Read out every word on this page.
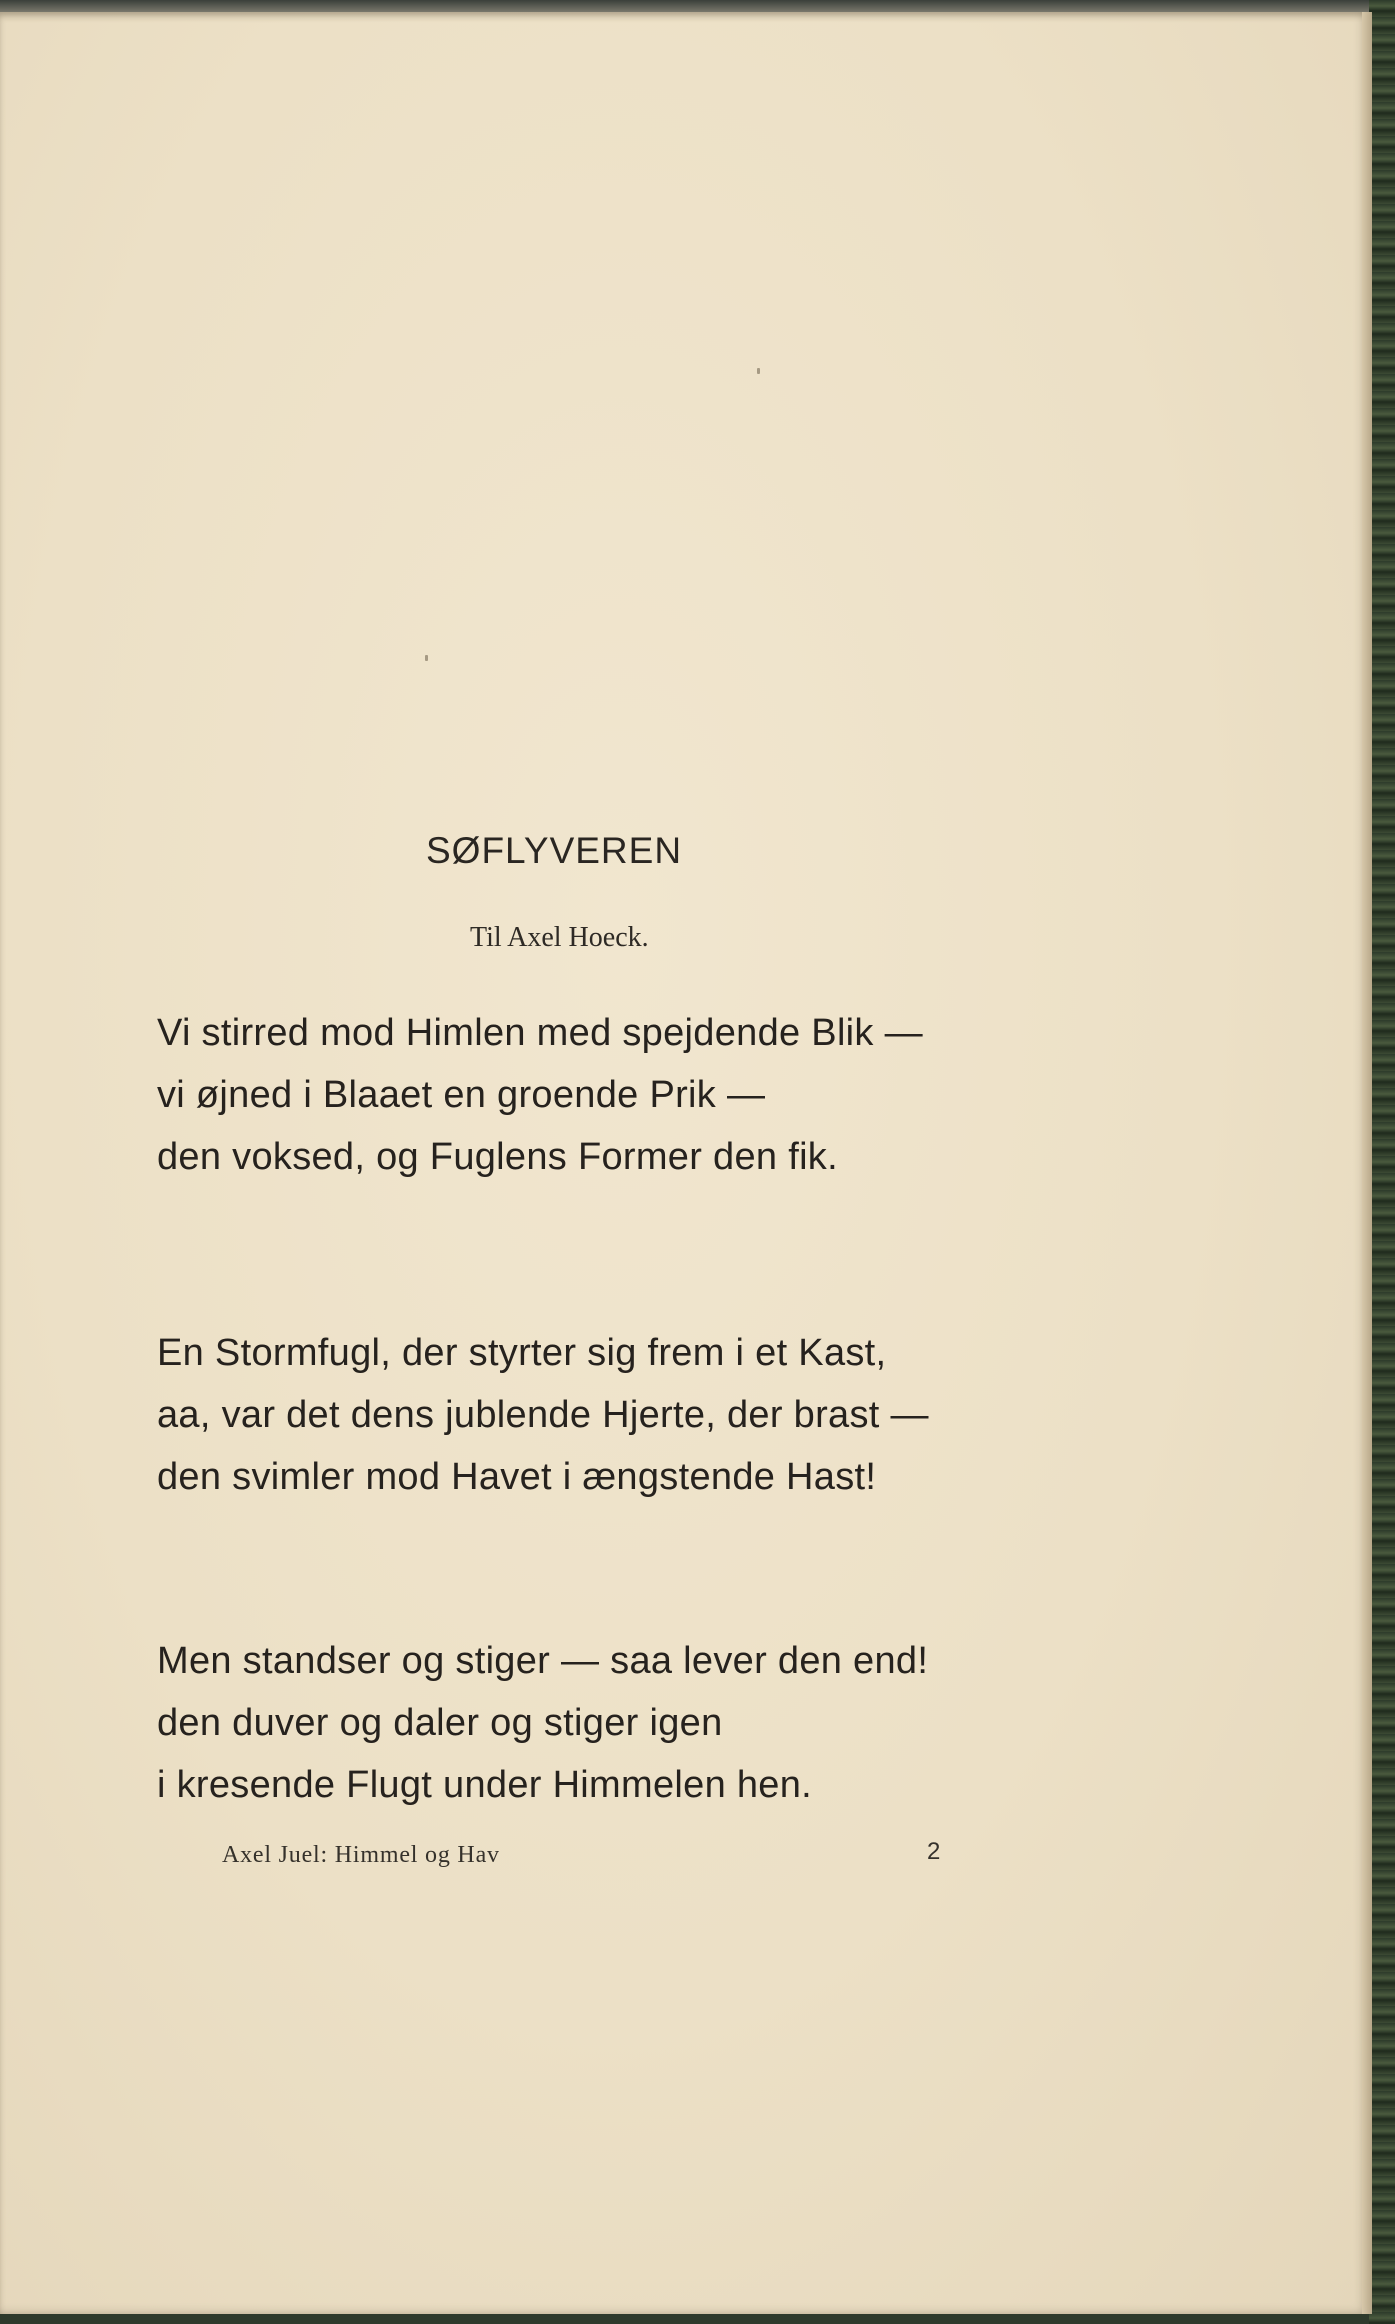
SØFLYVEREN
Til Axel Hoeck.
Vi stirred mod Himlen med spejdende Blik —
vi øjned i Blaaet en groende Prik —
den voksed, og Fuglens Former den fik.
En Stormfugl, der styrter sig frem i et Kast,
aa, var det dens jublende Hjerte, der brast —
den svimler mod Havet i ængstende Hast!
Men standser og stiger — saa lever den end!
den duver og daler og stiger igen
i kresende Flugt under Himmelen hen.
Axel Juel: Himmel og Hav	2
